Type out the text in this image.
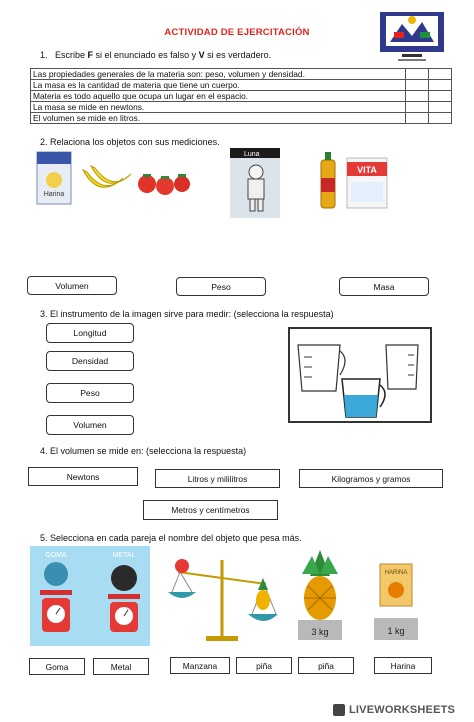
ACTIVIDAD DE EJERCITACIÓN
1. Escribe F si el enunciado es falso y V si es verdadero.
Las propiedades generales de la materia son: peso, volumen y densidad.		
La masa es la cantidad de materia que tiene un cuerpo.		
Materia es todo aquello que ocupa un lugar en el espacio.		
La masa se mide en newtons.		
El volumen se mide en litros.		
2. Relaciona los objetos con sus mediciones.
Harina
Luna
VITA
Volumen	Peso	Masa
3. El instrumento de la imagen sirve para medir: (selecciona la respuesta)
Longitud
Densidad
Peso
Volumen
4. El volumen se mide en: (selecciona la respuesta)
Newtons	Litros y mililitros	Kilogramos y gramos
Metros y centímetros
5. Selecciona en cada pareja el nombre del objeto que pesa más.
GOMA	METAL
3 kg
HARINA
1 kg
Goma	Metal	Manzana	piña	piña	Harina
LIVEWORKSHEETS
